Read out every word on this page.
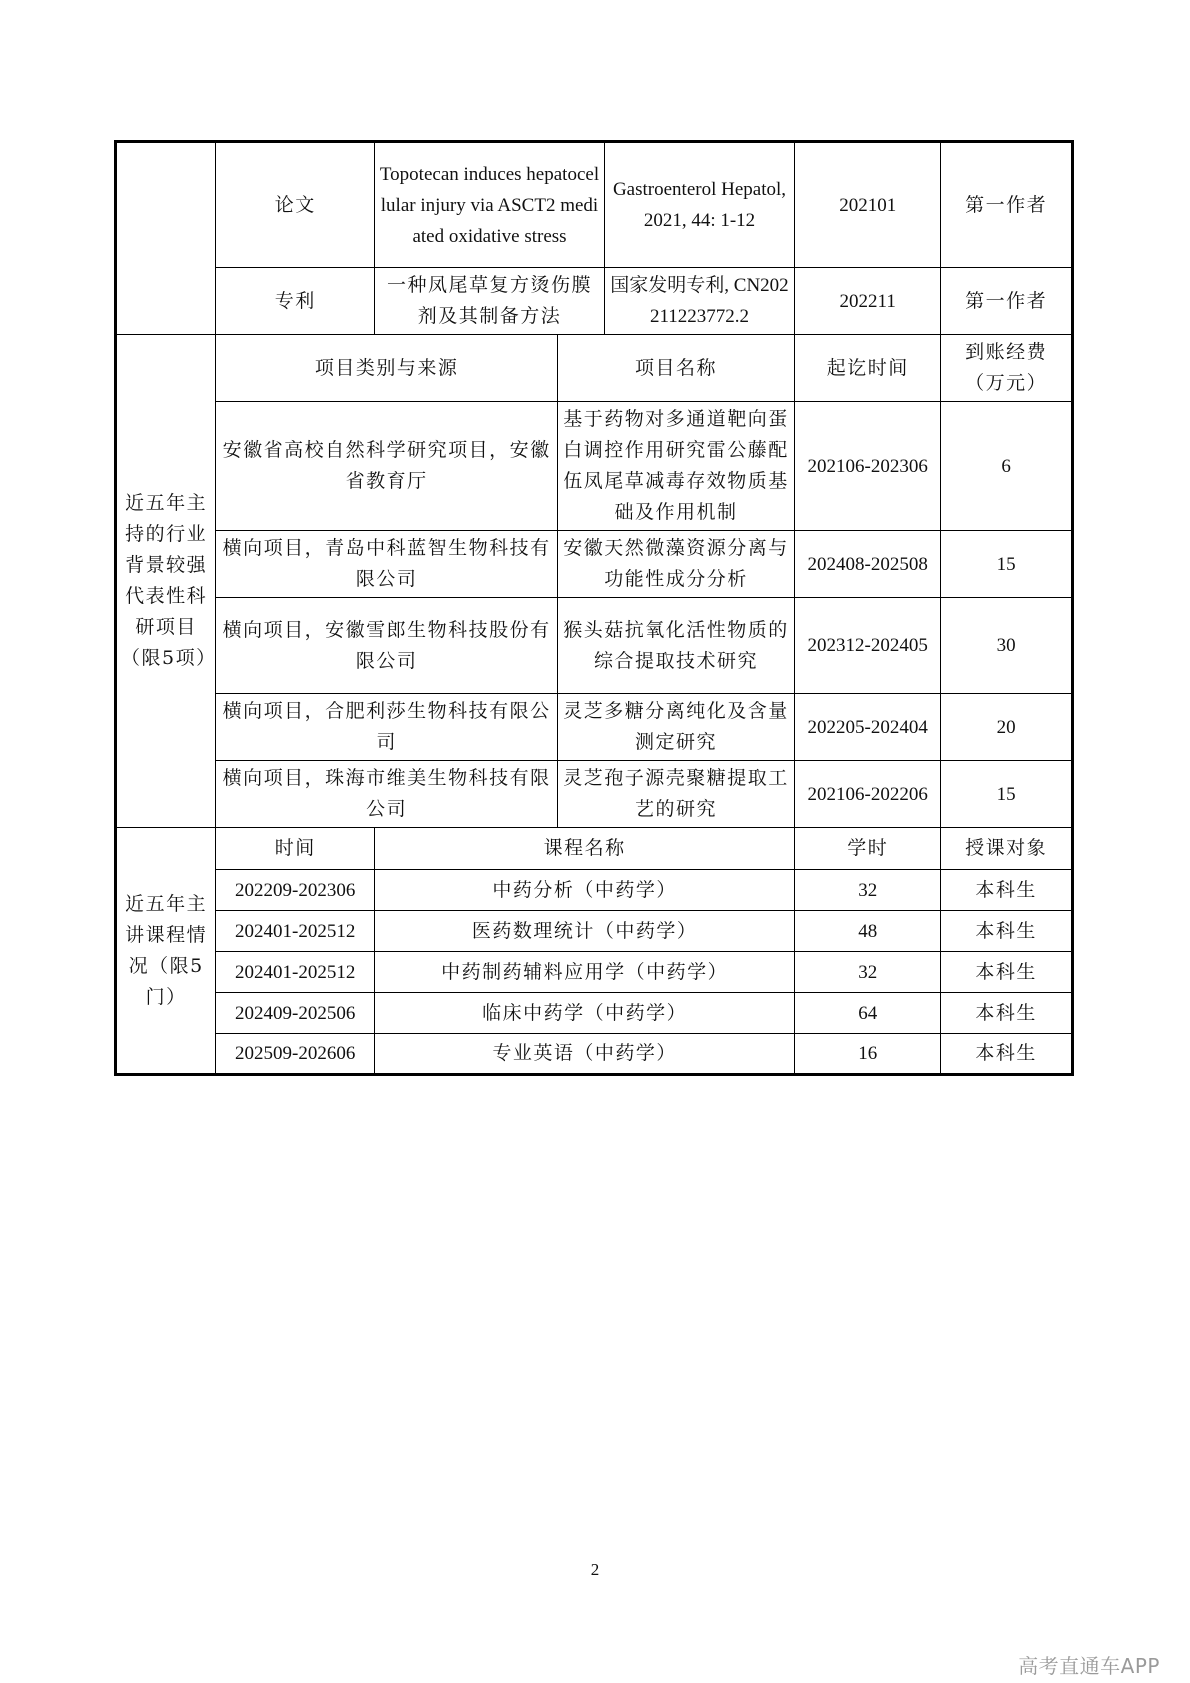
	论文	Topotecan induces hepatocellular injury via ASCT2 mediated oxidative stress		Gastroenterol Hepatol, 2021, 44: 1-12	202101	第一作者
	专利	一种凤尾草复方烫伤膜剂及其制备方法		国家发明专利, CN202211223772.2	202211	第一作者
近五年主持的行业背景较强代表性科研项目（限5项）	项目类别与来源		项目名称		起讫时间	到账经费（万元）
	安徽省高校自然科学研究项目，安徽省教育厅		基于药物对多通道靶向蛋白调控作用研究雷公藤配伍凤尾草减毒存效物质基础及作用机制		202106-202306	6
	横向项目，青岛中科蓝智生物科技有限公司		安徽天然微藻资源分离与功能性成分分析		202408-202508	15
	横向项目，安徽雪郎生物科技股份有限公司		猴头菇抗氧化活性物质的综合提取技术研究		202312-202405	30
	横向项目，合肥利莎生物科技有限公司		灵芝多糖分离纯化及含量测定研究		202205-202404	20
	横向项目，珠海市维美生物科技有限公司		灵芝孢子源壳聚糖提取工艺的研究		202106-202206	15
近五年主讲课程情况（限5门）	时间	课程名称			学时	授课对象
	202209-202306	中药分析（中药学）			32	本科生
	202401-202512	医药数理统计（中药学）			48	本科生
	202401-202512	中药制药辅料应用学（中药学）			32	本科生
	202409-202506	临床中药学（中药学）			64	本科生
	202509-202606	专业英语（中药学）			16	本科生
2
高考直通车APP
